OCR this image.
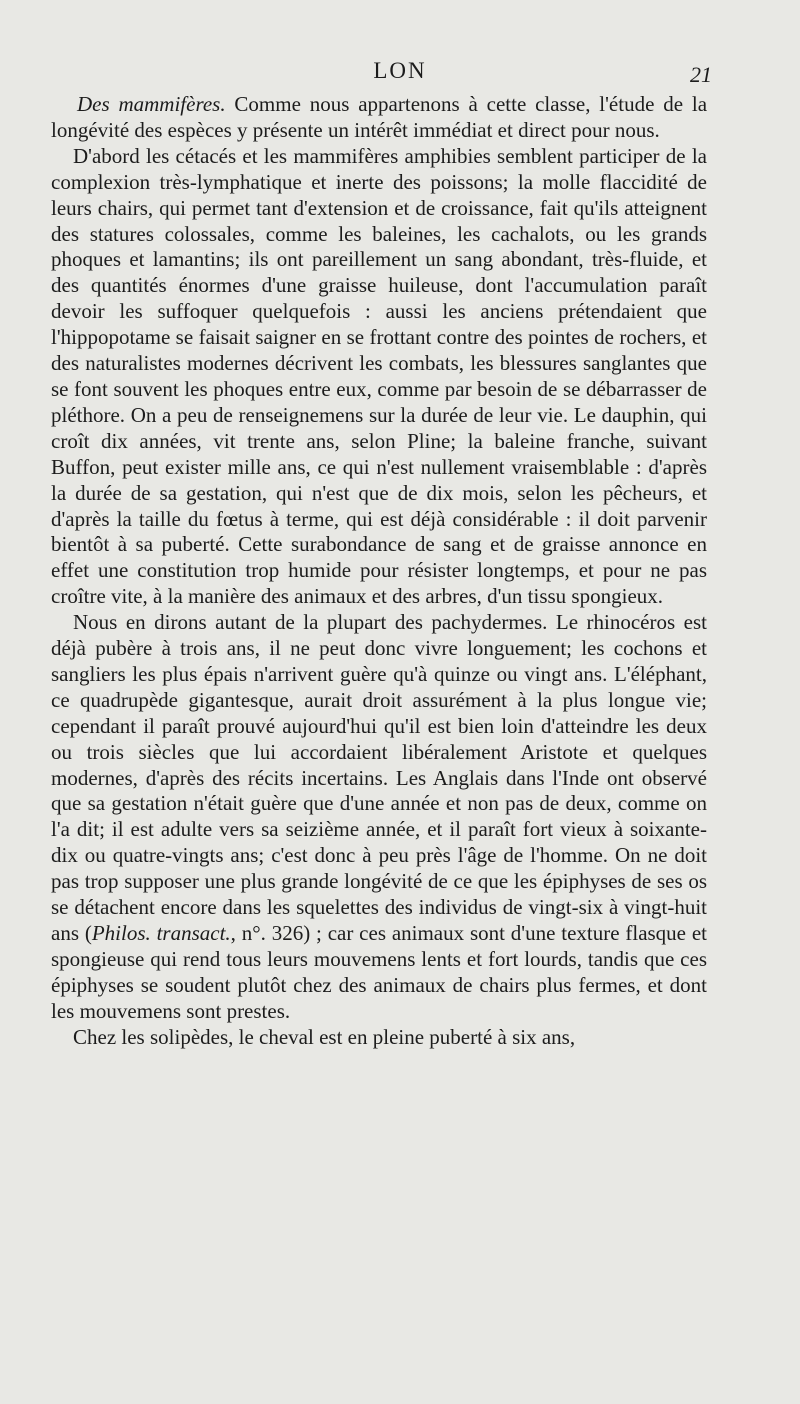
LON	21

Des mammifères. Comme nous appartenons à cette classe, l'étude de la longévité des espèces y présente un intérêt immédiat et direct pour nous.

D'abord les cétacés et les mammifères amphibies semblent participer de la complexion très-lymphatique et inerte des poissons; la molle flaccidité de leurs chairs, qui permet tant d'extension et de croissance, fait qu'ils atteignent des statures colossales, comme les baleines, les cachalots, ou les grands phoques et lamantins; ils ont pareillement un sang abondant, très-fluide, et des quantités énormes d'une graisse huileuse, dont l'accumulation paraît devoir les suffoquer quelquefois : aussi les anciens prétendaient que l'hippopotame se faisait saigner en se frottant contre des pointes de rochers, et des naturalistes modernes décrivent les combats, les blessures sanglantes que se font souvent les phoques entre eux, comme par besoin de se débarrasser de pléthore. On a peu de renseignemens sur la durée de leur vie. Le dauphin, qui croît dix années, vit trente ans, selon Pline; la baleine franche, suivant Buffon, peut exister mille ans, ce qui n'est nullement vraisemblable : d'après la durée de sa gestation, qui n'est que de dix mois, selon les pêcheurs, et d'après la taille du fœtus à terme, qui est déjà considérable : il doit parvenir bientôt à sa puberté. Cette surabondance de sang et de graisse annonce en effet une constitution trop humide pour résister longtemps, et pour ne pas croître vite, à la manière des animaux et des arbres, d'un tissu spongieux.

Nous en dirons autant de la plupart des pachydermes. Le rhinocéros est déjà pubère à trois ans, il ne peut donc vivre longuement; les cochons et sangliers les plus épais n'arrivent guère qu'à quinze ou vingt ans. L'éléphant, ce quadrupède gigantesque, aurait droit assurément à la plus longue vie; cependant il paraît prouvé aujourd'hui qu'il est bien loin d'atteindre les deux ou trois siècles que lui accordaient libéralement Aristote et quelques modernes, d'après des récits incertains. Les Anglais dans l'Inde ont observé que sa gestation n'était guère que d'une année et non pas de deux, comme on l'a dit; il est adulte vers sa seizième année, et il paraît fort vieux à soixante-dix ou quatre-vingts ans; c'est donc à peu près l'âge de l'homme. On ne doit pas trop supposer une plus grande longévité de ce que les épiphyses de ses os se détachent encore dans les squelettes des individus de vingt-six à vingt-huit ans (Philos. transact., n°. 326) ; car ces animaux sont d'une texture flasque et spongieuse qui rend tous leurs mouvemens lents et fort lourds, tandis que ces épiphyses se soudent plutôt chez des animaux de chairs plus fermes, et dont les mouvemens sont prestes.

Chez les solipèdes, le cheval est en pleine puberté à six ans,
